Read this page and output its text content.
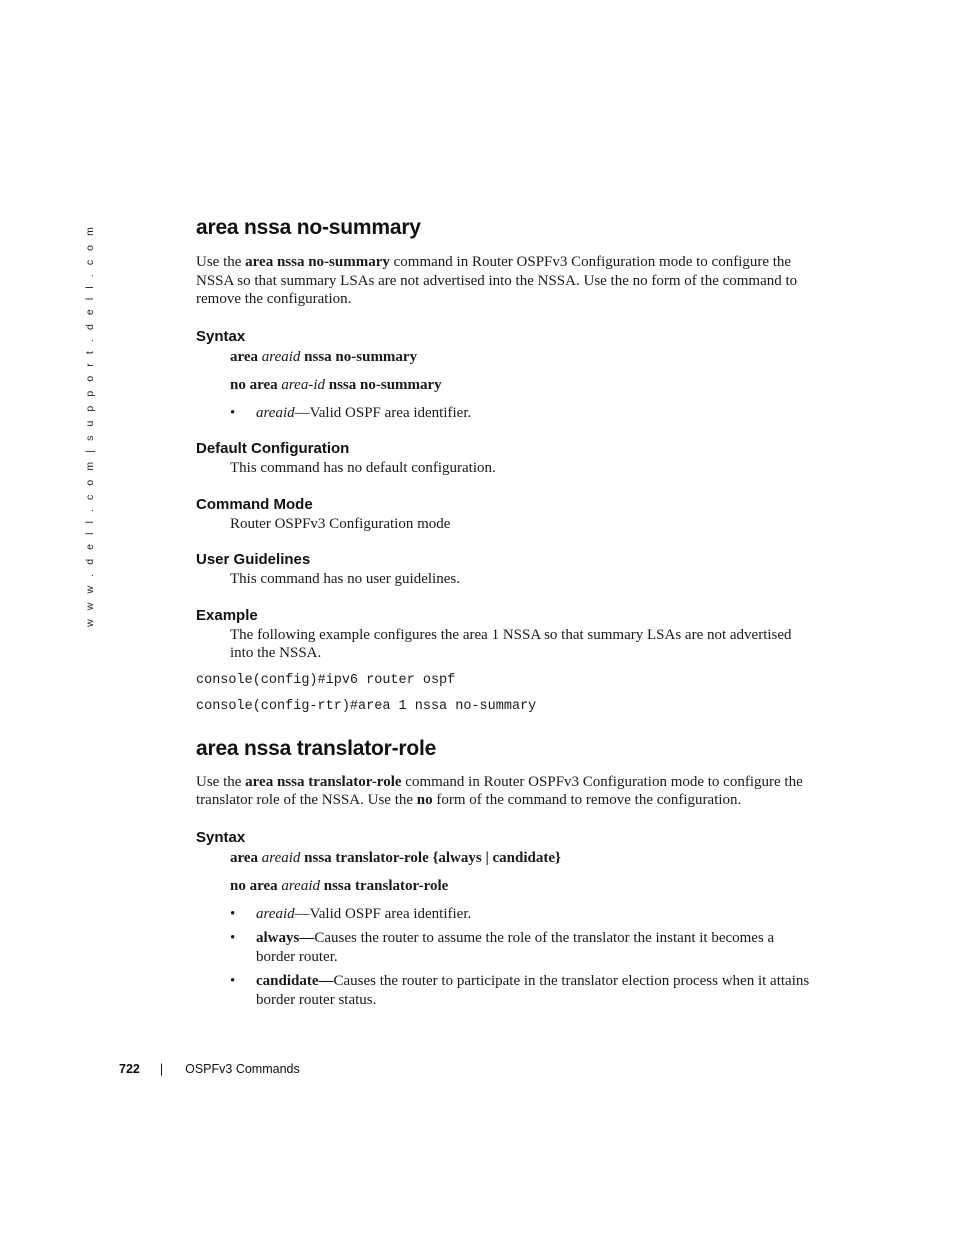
w w w . d e l l . c o m | s u p p o r t . d e l l . c o m	area nssa no-summary

Use the area nssa no-summary command in Router OSPFv3 Configuration mode to configure the NSSA so that summary LSAs are not advertised into the NSSA. Use the no form of the command to remove the configuration.

Syntax

area areaid nssa no-summary

no area area-id nssa no-summary

• areaid—Valid OSPF area identifier.
Default Configuration

This command has no default configuration.

Command Mode

Router OSPFv3 Configuration mode

User Guidelines

This command has no user guidelines.

Example

The following example configures the area 1 NSSA so that summary LSAs are not advertised into the NSSA.

console(config)#ipv6 router ospf
console(config-rtr)#area 1 nssa no-summary
area nssa translator-role

Use the area nssa translator-role command in Router OSPFv3 Configuration mode to configure the translator role of the NSSA. Use the no form of the command to remove the configuration.

Syntax

area areaid nssa translator-role {always | candidate}

no area areaid nssa translator-role

• areaid—Valid OSPF area identifier.
• always—Causes the router to assume the role of the translator the instant it becomes a border router.
• candidate—Causes the router to participate in the translator election process when it attains border router status.
722 | OSPFv3 Commands
